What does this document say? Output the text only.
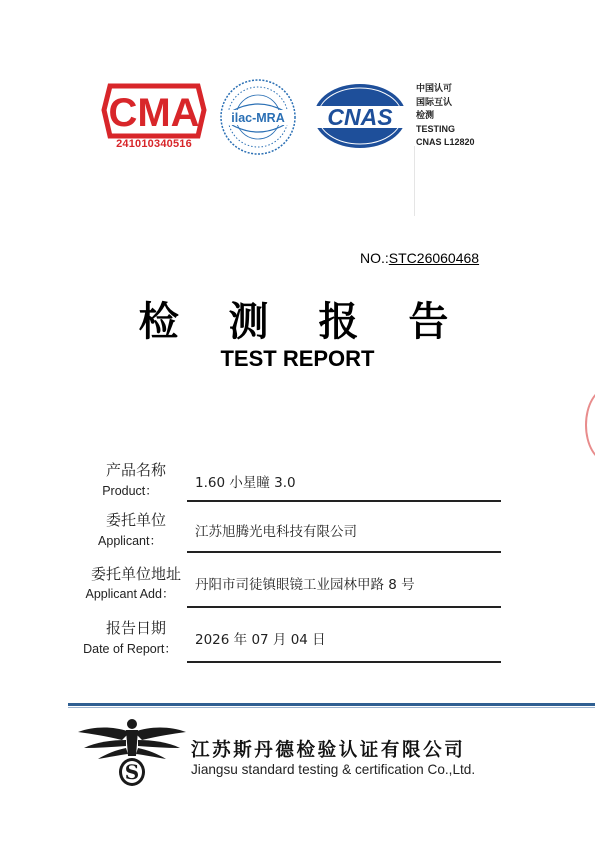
CMA
241010340516
ilac-MRA CNAS
中国认可
国际互认
检测
TESTING
CNAS L12820
NO.:STC26060468
检 测 报 告
TEST REPORT
产品名称
Product：	1.60 小星瞳 3.0
委托单位
Applicant：
江苏旭腾光电科技有限公司
委托单位地址
Applicant Add：
丹阳市司徒镇眼镜工业园林甲路 8 号
报告日期
Date of Report：
2026 年 07 月 04 日
S
江苏斯丹德检验认证有限公司
Jiangsu standard testing & certification Co.,Ltd.
